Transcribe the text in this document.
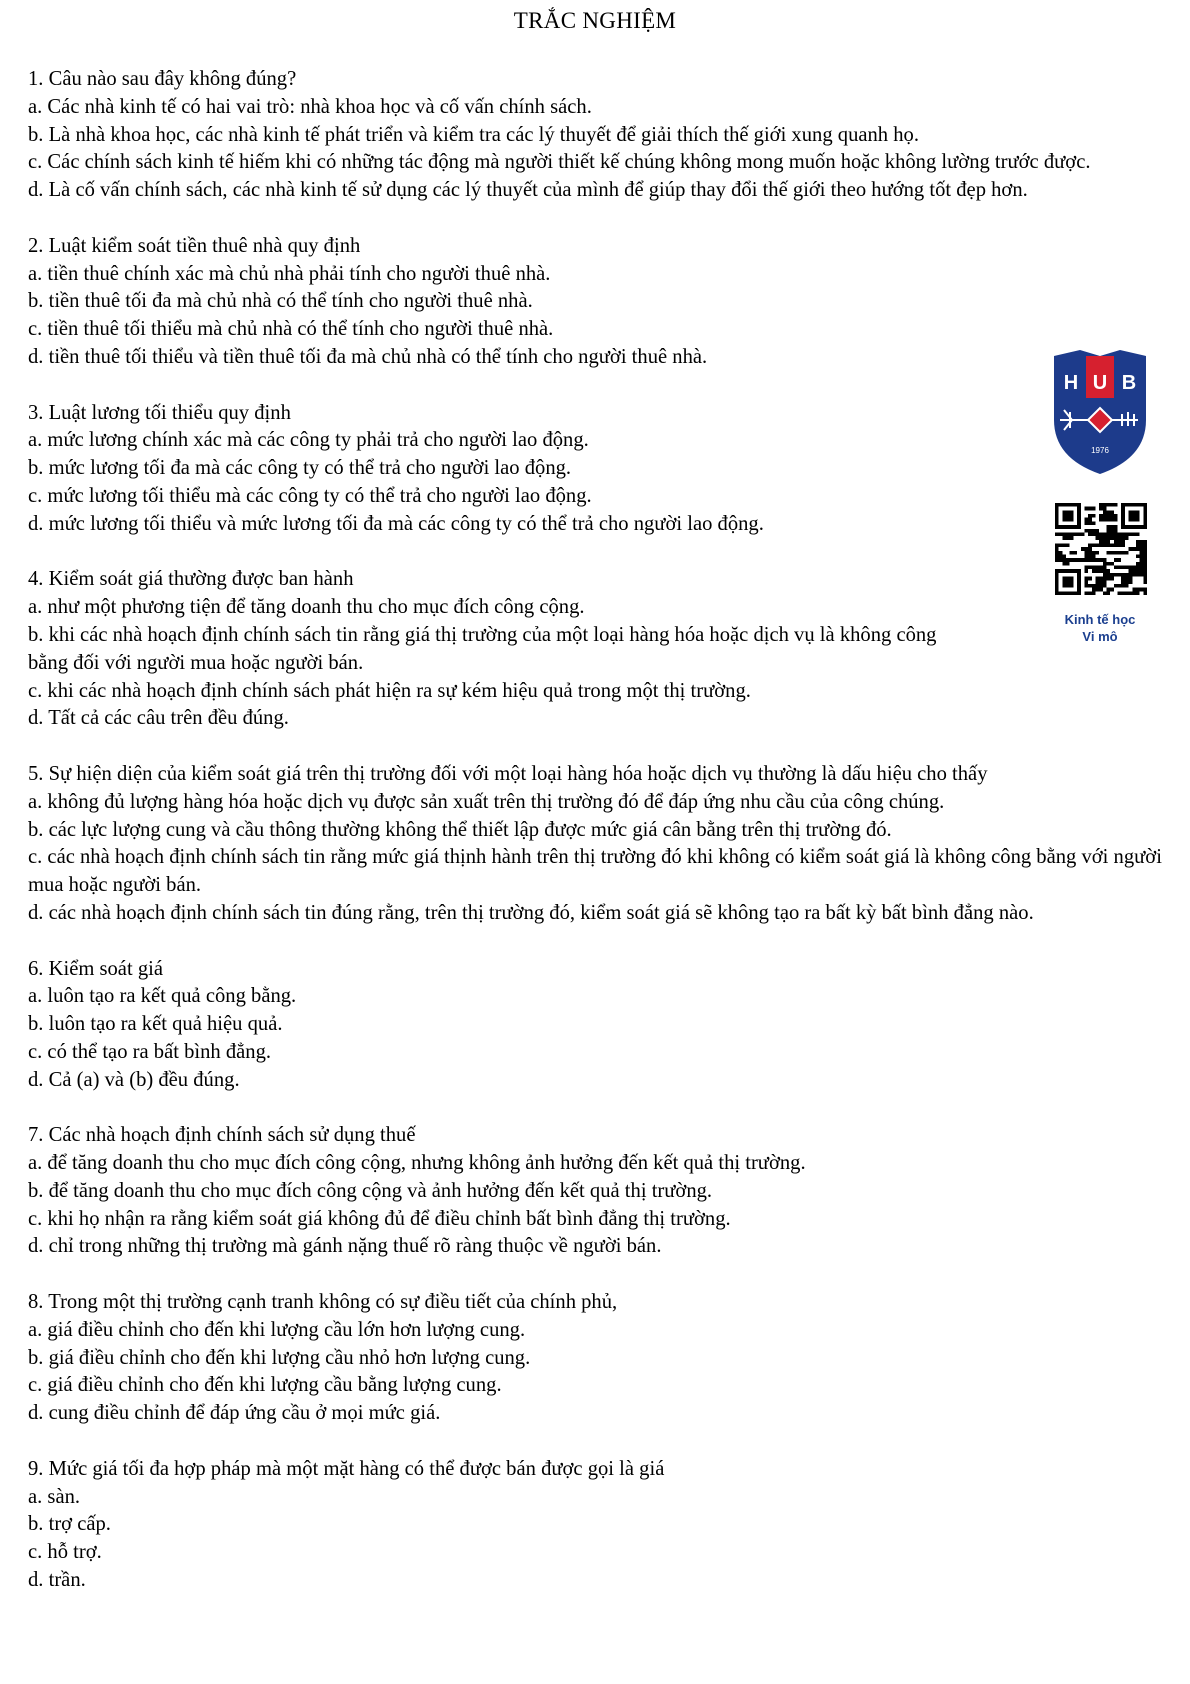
TRẮC NGHIỆM
1. Câu nào sau đây không đúng?
a. Các nhà kinh tế có hai vai trò: nhà khoa học và cố vấn chính sách.
b. Là nhà khoa học, các nhà kinh tế phát triển và kiểm tra các lý thuyết để giải thích thế giới xung quanh họ.
c. Các chính sách kinh tế hiếm khi có những tác động mà người thiết kế chúng không mong muốn hoặc không lường trước được.
d. Là cố vấn chính sách, các nhà kinh tế sử dụng các lý thuyết của mình để giúp thay đổi thế giới theo hướng tốt đẹp hơn.
2. Luật kiểm soát tiền thuê nhà quy định
a. tiền thuê chính xác mà chủ nhà phải tính cho người thuê nhà.
b. tiền thuê tối đa mà chủ nhà có thể tính cho người thuê nhà.
c. tiền thuê tối thiểu mà chủ nhà có thể tính cho người thuê nhà.
d. tiền thuê tối thiểu và tiền thuê tối đa mà chủ nhà có thể tính cho người thuê nhà.
3. Luật lương tối thiểu quy định
a. mức lương chính xác mà các công ty phải trả cho người lao động.
b. mức lương tối đa mà các công ty có thể trả cho người lao động.
c. mức lương tối thiểu mà các công ty có thể trả cho người lao động.
d. mức lương tối thiểu và mức lương tối đa mà các công ty có thể trả cho người lao động.
4. Kiểm soát giá thường được ban hành
a. như một phương tiện để tăng doanh thu cho mục đích công cộng.
b. khi các nhà hoạch định chính sách tin rằng giá thị trường của một loại hàng hóa hoặc dịch vụ là không công bằng đối với người mua hoặc người bán.
c. khi các nhà hoạch định chính sách phát hiện ra sự kém hiệu quả trong một thị trường.
d. Tất cả các câu trên đều đúng.
5. Sự hiện diện của kiểm soát giá trên thị trường đối với một loại hàng hóa hoặc dịch vụ thường là dấu hiệu cho thấy
a. không đủ lượng hàng hóa hoặc dịch vụ được sản xuất trên thị trường đó để đáp ứng nhu cầu của công chúng.
b. các lực lượng cung và cầu thông thường không thể thiết lập được mức giá cân bằng trên thị trường đó.
c. các nhà hoạch định chính sách tin rằng mức giá thịnh hành trên thị trường đó khi không có kiểm soát giá là không công bằng với người mua hoặc người bán.
d. các nhà hoạch định chính sách tin đúng rằng, trên thị trường đó, kiểm soát giá sẽ không tạo ra bất kỳ bất bình đẳng nào.
6. Kiểm soát giá
a. luôn tạo ra kết quả công bằng.
b. luôn tạo ra kết quả hiệu quả.
c. có thể tạo ra bất bình đẳng.
d. Cả (a) và (b) đều đúng.
7. Các nhà hoạch định chính sách sử dụng thuế
a. để tăng doanh thu cho mục đích công cộng, nhưng không ảnh hưởng đến kết quả thị trường.
b. để tăng doanh thu cho mục đích công cộng và ảnh hưởng đến kết quả thị trường.
c. khi họ nhận ra rằng kiểm soát giá không đủ để điều chỉnh bất bình đẳng thị trường.
d. chỉ trong những thị trường mà gánh nặng thuế rõ ràng thuộc về người bán.
8. Trong một thị trường cạnh tranh không có sự điều tiết của chính phủ,
a. giá điều chỉnh cho đến khi lượng cầu lớn hơn lượng cung.
b. giá điều chỉnh cho đến khi lượng cầu nhỏ hơn lượng cung.
c. giá điều chỉnh cho đến khi lượng cầu bằng lượng cung.
d. cung điều chỉnh để đáp ứng cầu ở mọi mức giá.
9. Mức giá tối đa hợp pháp mà một mặt hàng có thể được bán được gọi là giá
a. sàn.
b. trợ cấp.
c. hỗ trợ.
d. trần.
H U B
1976
Kinh tế học
Vi mô
